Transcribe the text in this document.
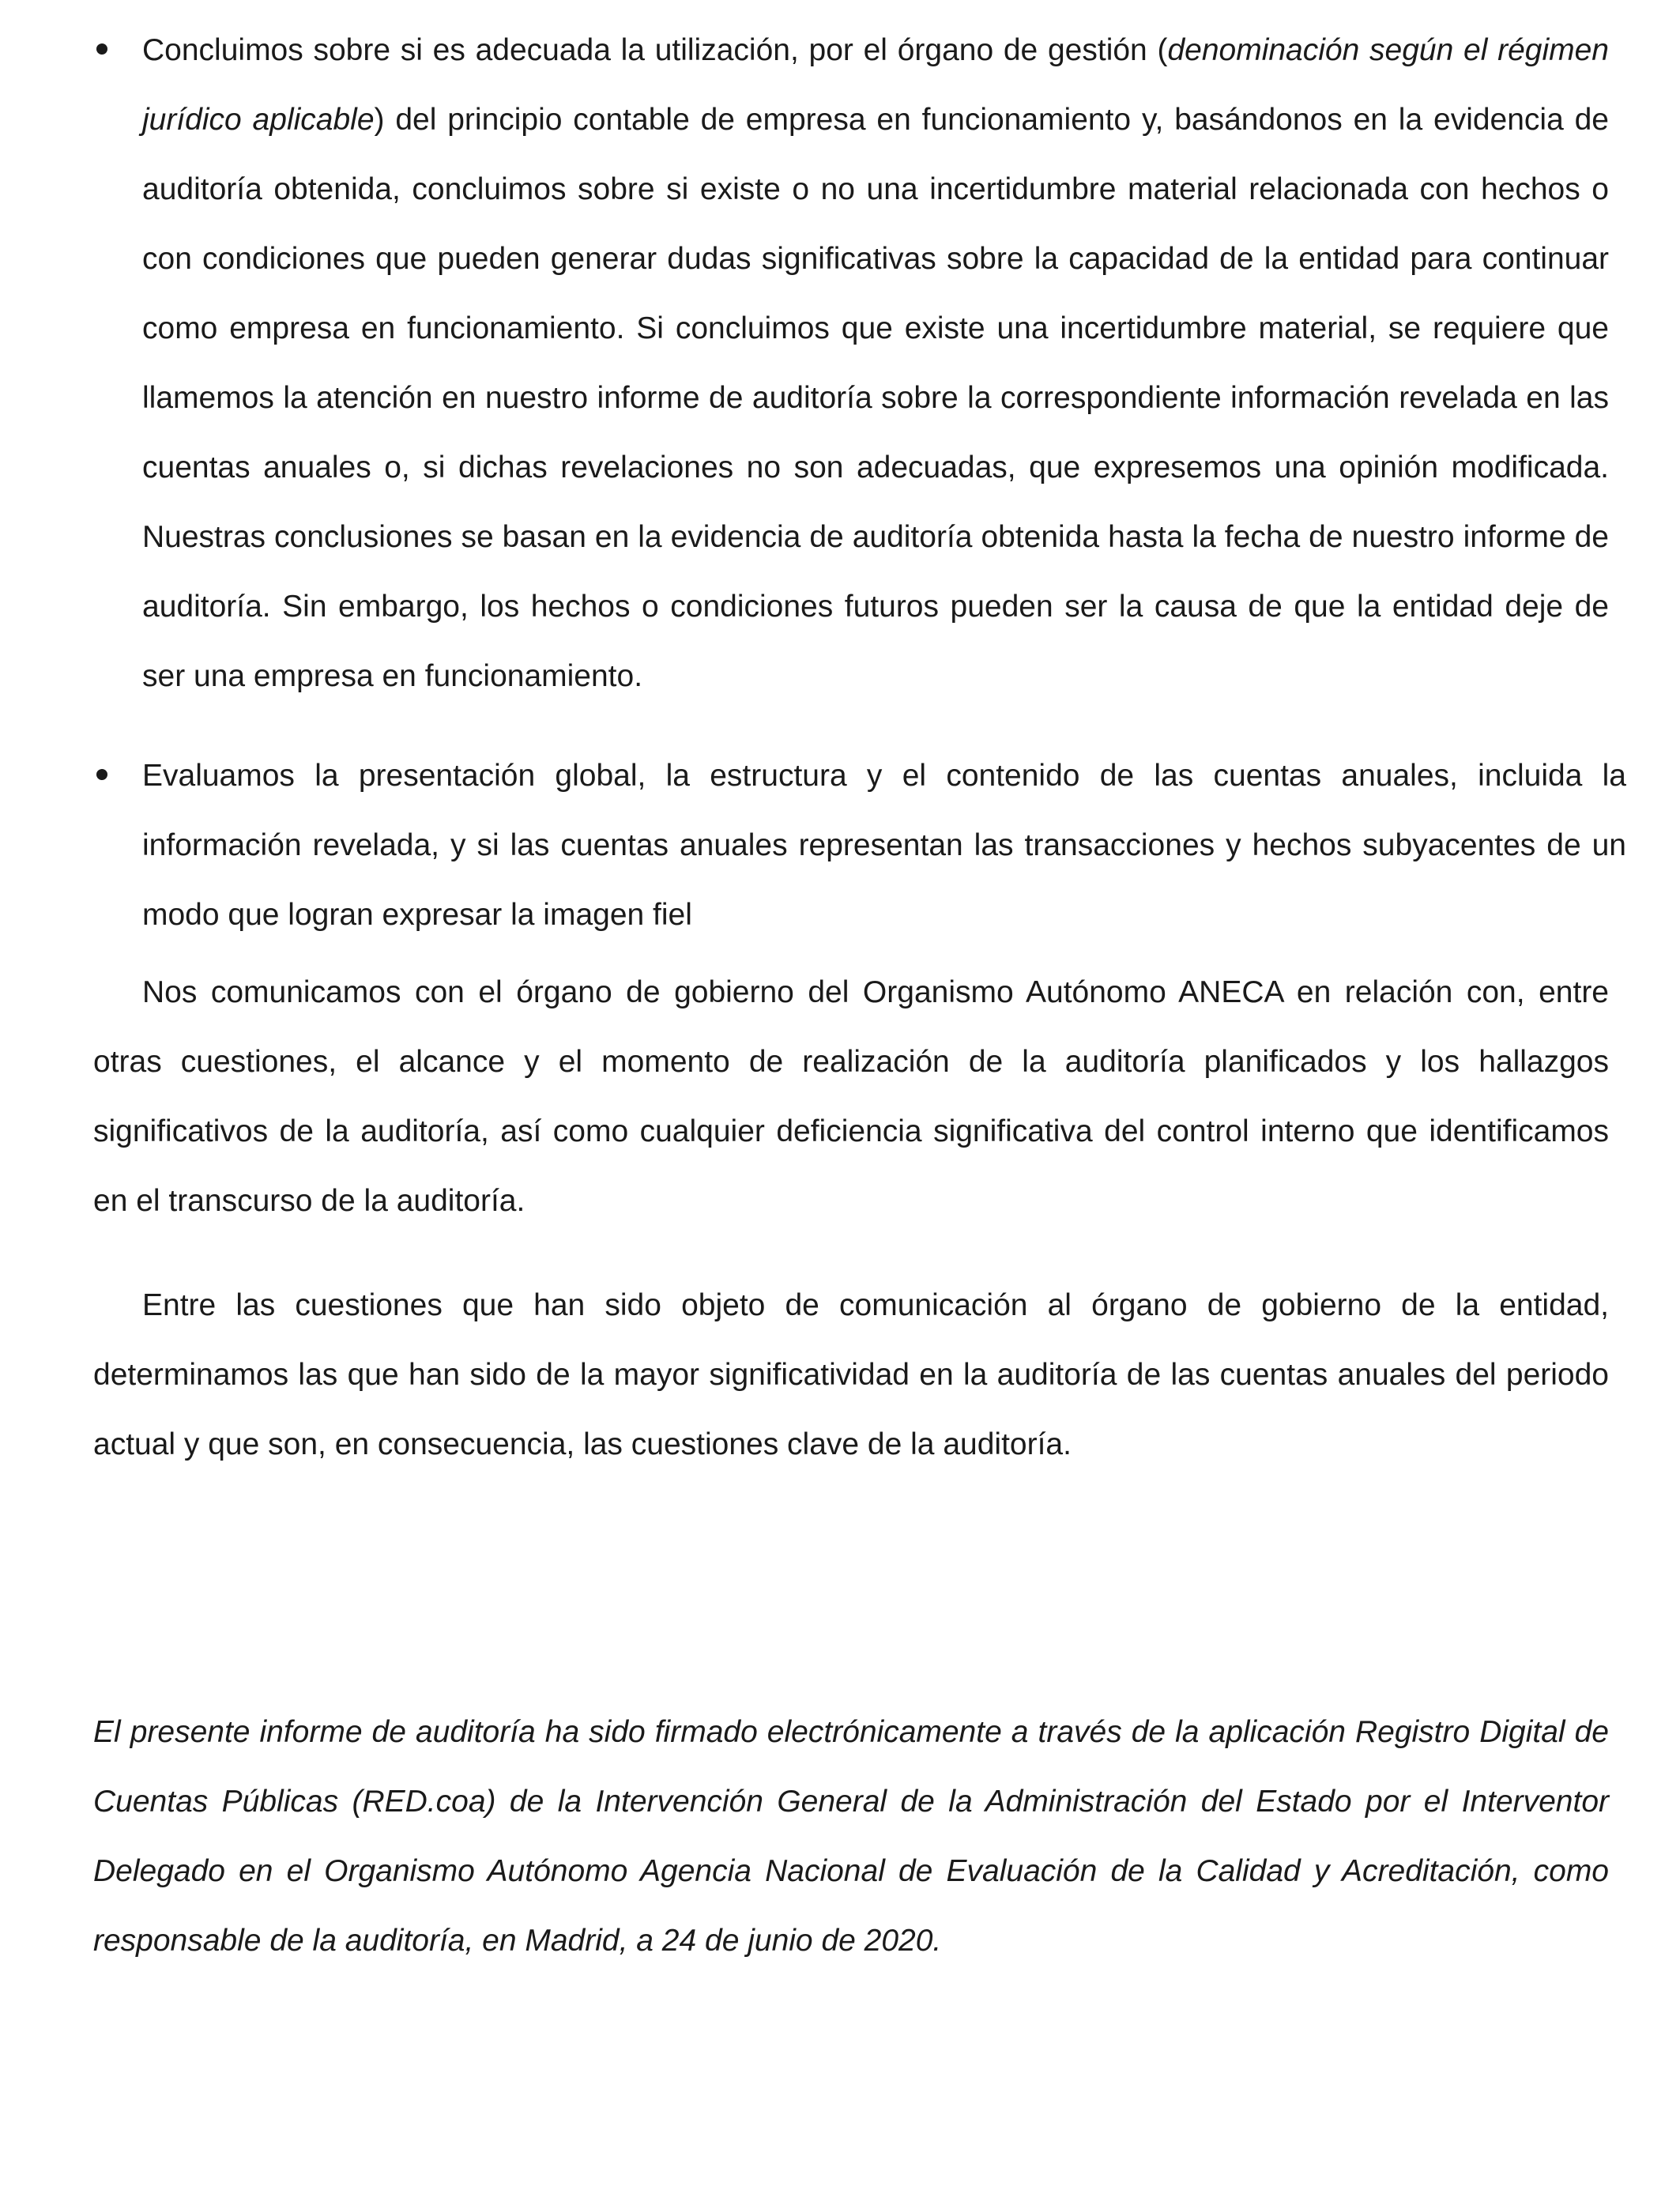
Concluimos sobre si es adecuada la utilización, por el órgano de gestión (denominación según el régimen jurídico aplicable) del principio contable de empresa en funcionamiento y, basándonos en la evidencia de auditoría obtenida, concluimos sobre si existe o no una incertidumbre material relacionada con hechos o con condiciones que pueden generar dudas significativas sobre la capacidad de la entidad para continuar como empresa en funcionamiento. Si concluimos que existe una incertidumbre material, se requiere que llamemos la atención en nuestro informe de auditoría sobre la correspondiente información revelada en las cuentas anuales o, si dichas revelaciones no son adecuadas, que expresemos una opinión modificada. Nuestras conclusiones se basan en la evidencia de auditoría obtenida hasta la fecha de nuestro informe de auditoría. Sin embargo, los hechos o condiciones futuros pueden ser la causa de que la entidad deje de ser una empresa en funcionamiento.
Evaluamos la presentación global, la estructura y el contenido de las cuentas anuales, incluida la información revelada, y si las cuentas anuales representan las transacciones y hechos subyacentes de un modo que logran expresar la imagen fiel

Nos comunicamos con el órgano de gobierno del Organismo Autónomo ANECA en relación con, entre otras cuestiones, el alcance y el momento de realización de la auditoría planificados y los hallazgos significativos de la auditoría, así como cualquier deficiencia significativa del control interno que identificamos en el transcurso de la auditoría.

Entre las cuestiones que han sido objeto de comunicación al órgano de gobierno de la entidad, determinamos las que han sido de la mayor significatividad en la auditoría de las cuentas anuales del periodo actual y que son, en consecuencia, las cuestiones clave de la auditoría.

El presente informe de auditoría ha sido firmado electrónicamente a través de la aplicación Registro Digital de Cuentas Públicas (RED.coa) de la Intervención General de la Administración del Estado por el Interventor Delegado en el Organismo Autónomo Agencia Nacional de Evaluación de la Calidad y Acreditación, como responsable de la auditoría, en Madrid, a 24 de junio de 2020.
